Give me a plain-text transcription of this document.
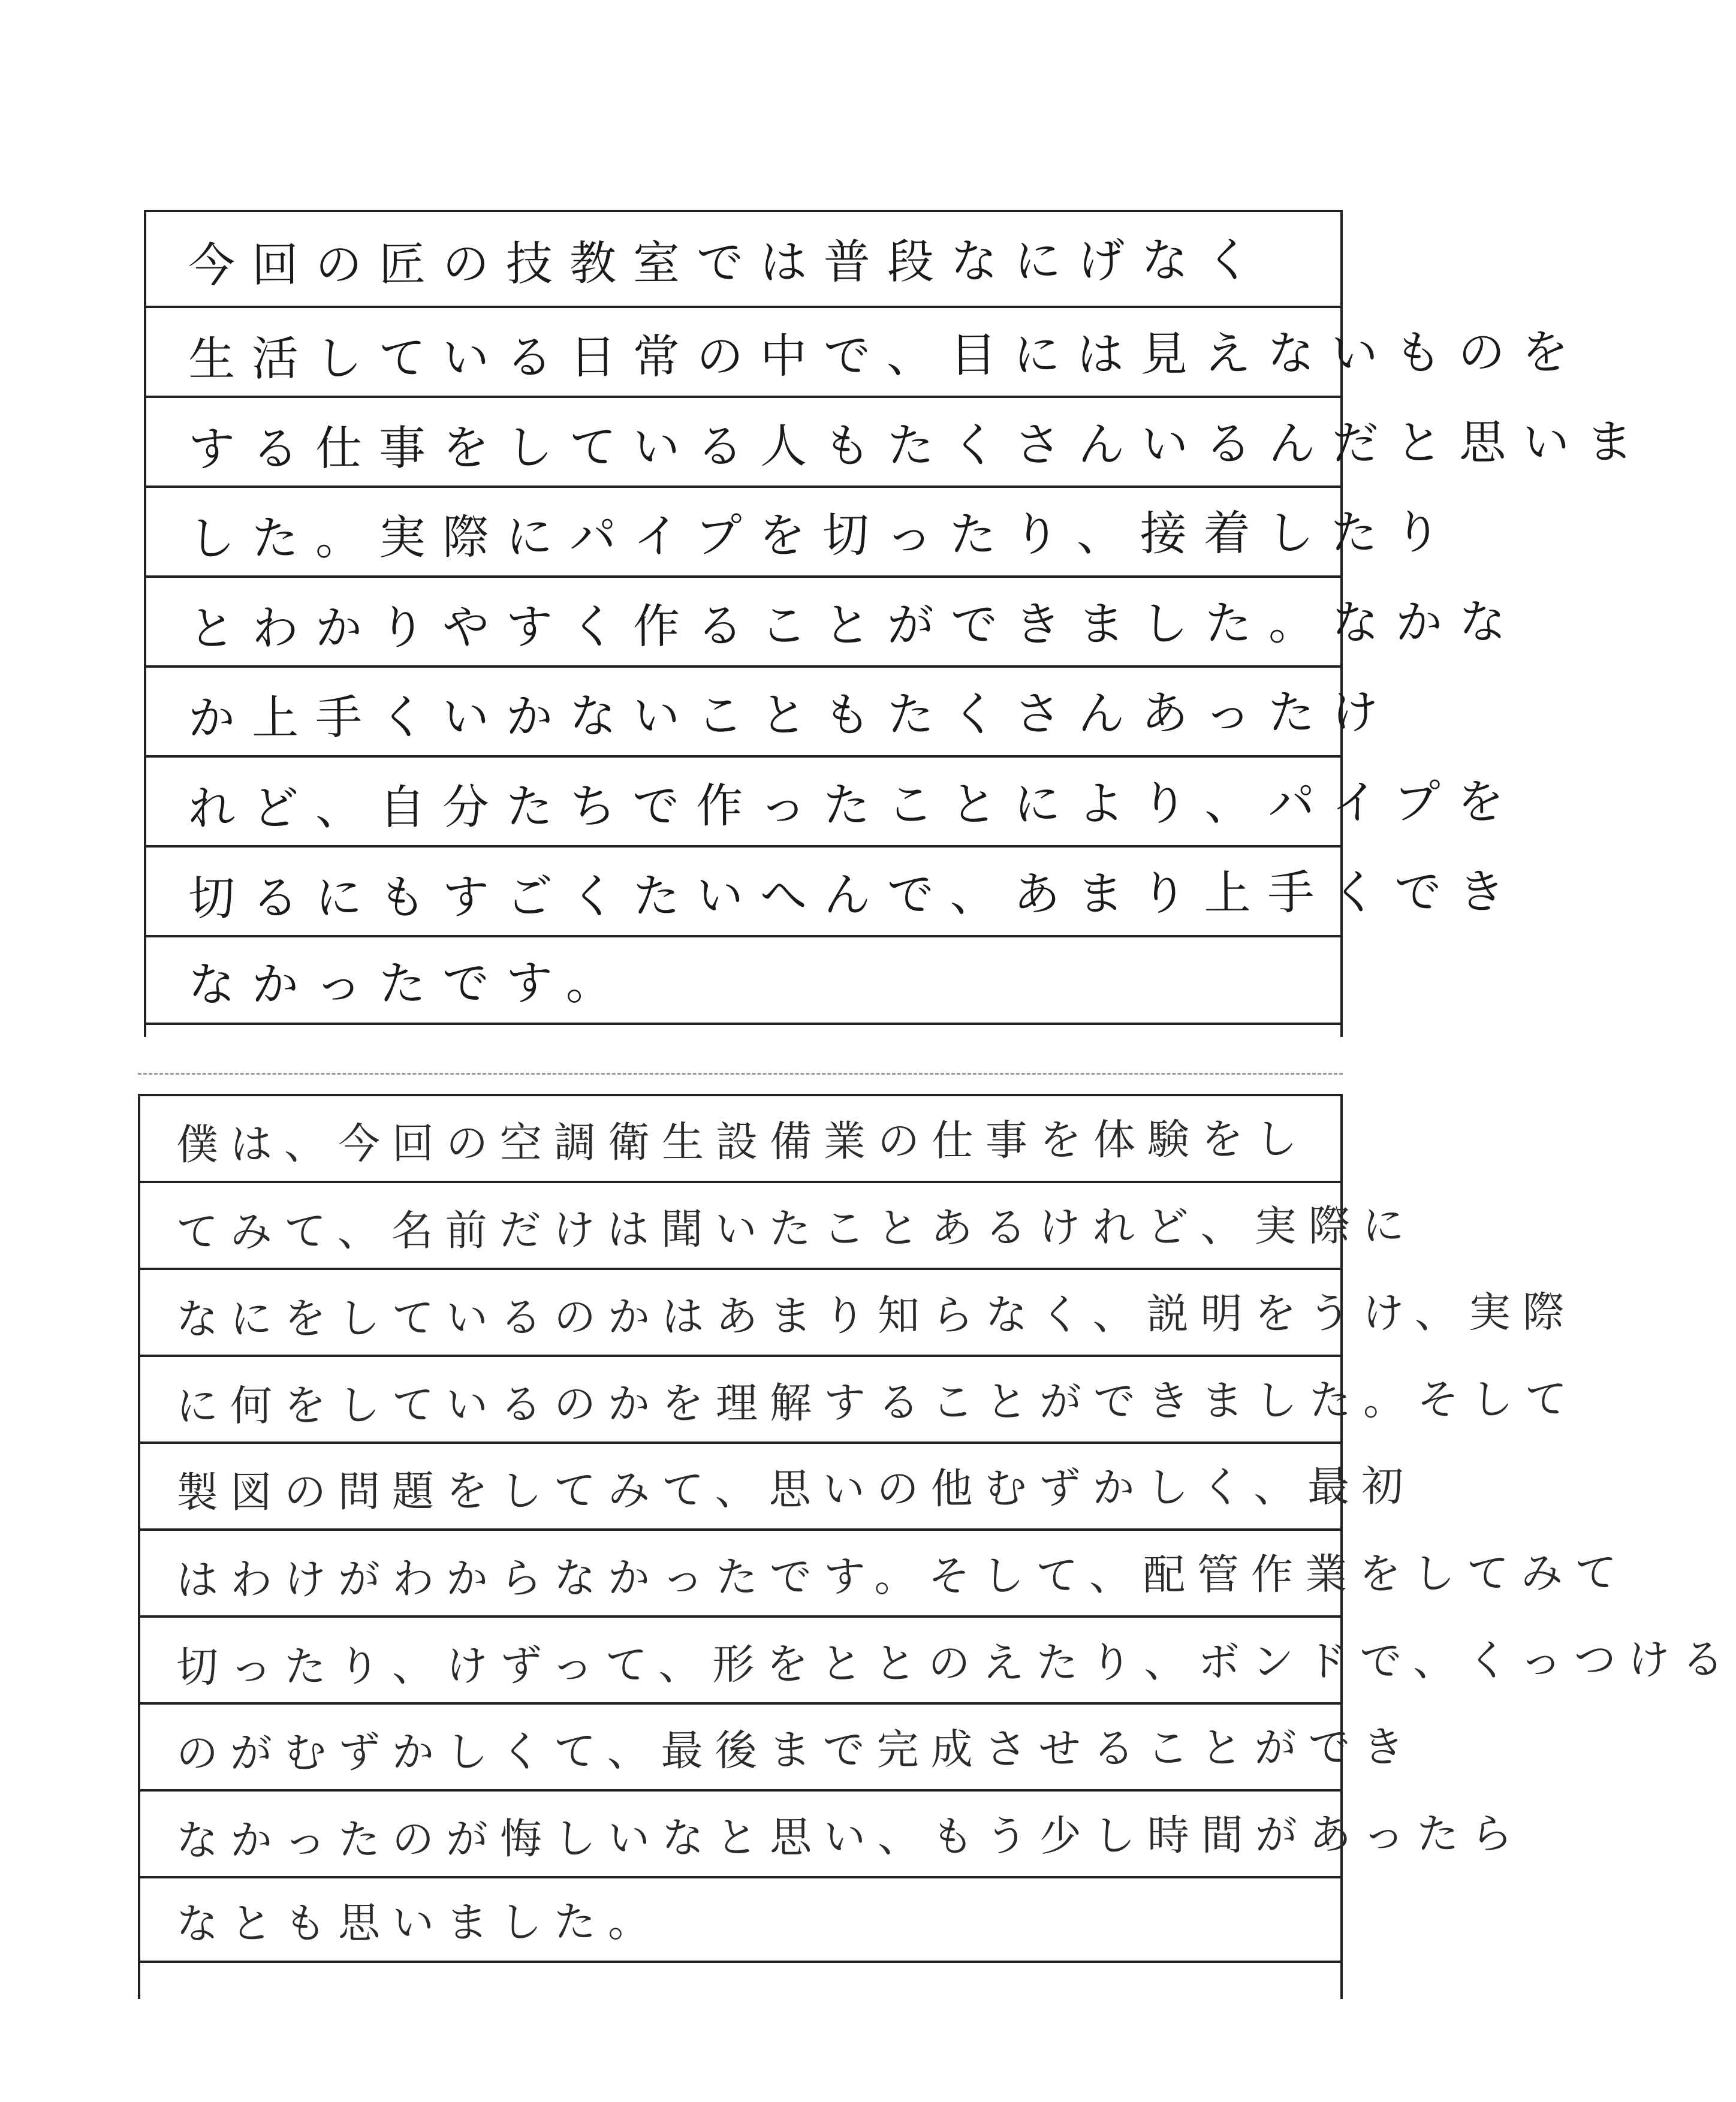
今回の匠の技教室では普段なにげなく
生活している日常の中で、目には見えないものを
する仕事をしている人もたくさんいるんだと思いま
した。実際にパイプを切ったり、接着したり
とわかりやすく作ることができました。なかな
か上手くいかないこともたくさんあったけ
れど、自分たちで作ったことにより、パイプを
切るにもすごくたいへんで、あまり上手くでき
なかったです。
僕は、今回の空調衛生設備業の仕事を体験をし
てみて、名前だけは聞いたことあるけれど、実際に
なにをしているのかはあまり知らなく、説明をうけ、実際
に何をしているのかを理解することができました。そして
製図の問題をしてみて、思いの他むずかしく、最初
はわけがわからなかったです。そして、配管作業をしてみて
切ったり、けずって、形をととのえたり、ボンドで、くっつける
のがむずかしくて、最後まで完成させることができ
なかったのが悔しいなと思い、もう少し時間があったら
なとも思いました。
